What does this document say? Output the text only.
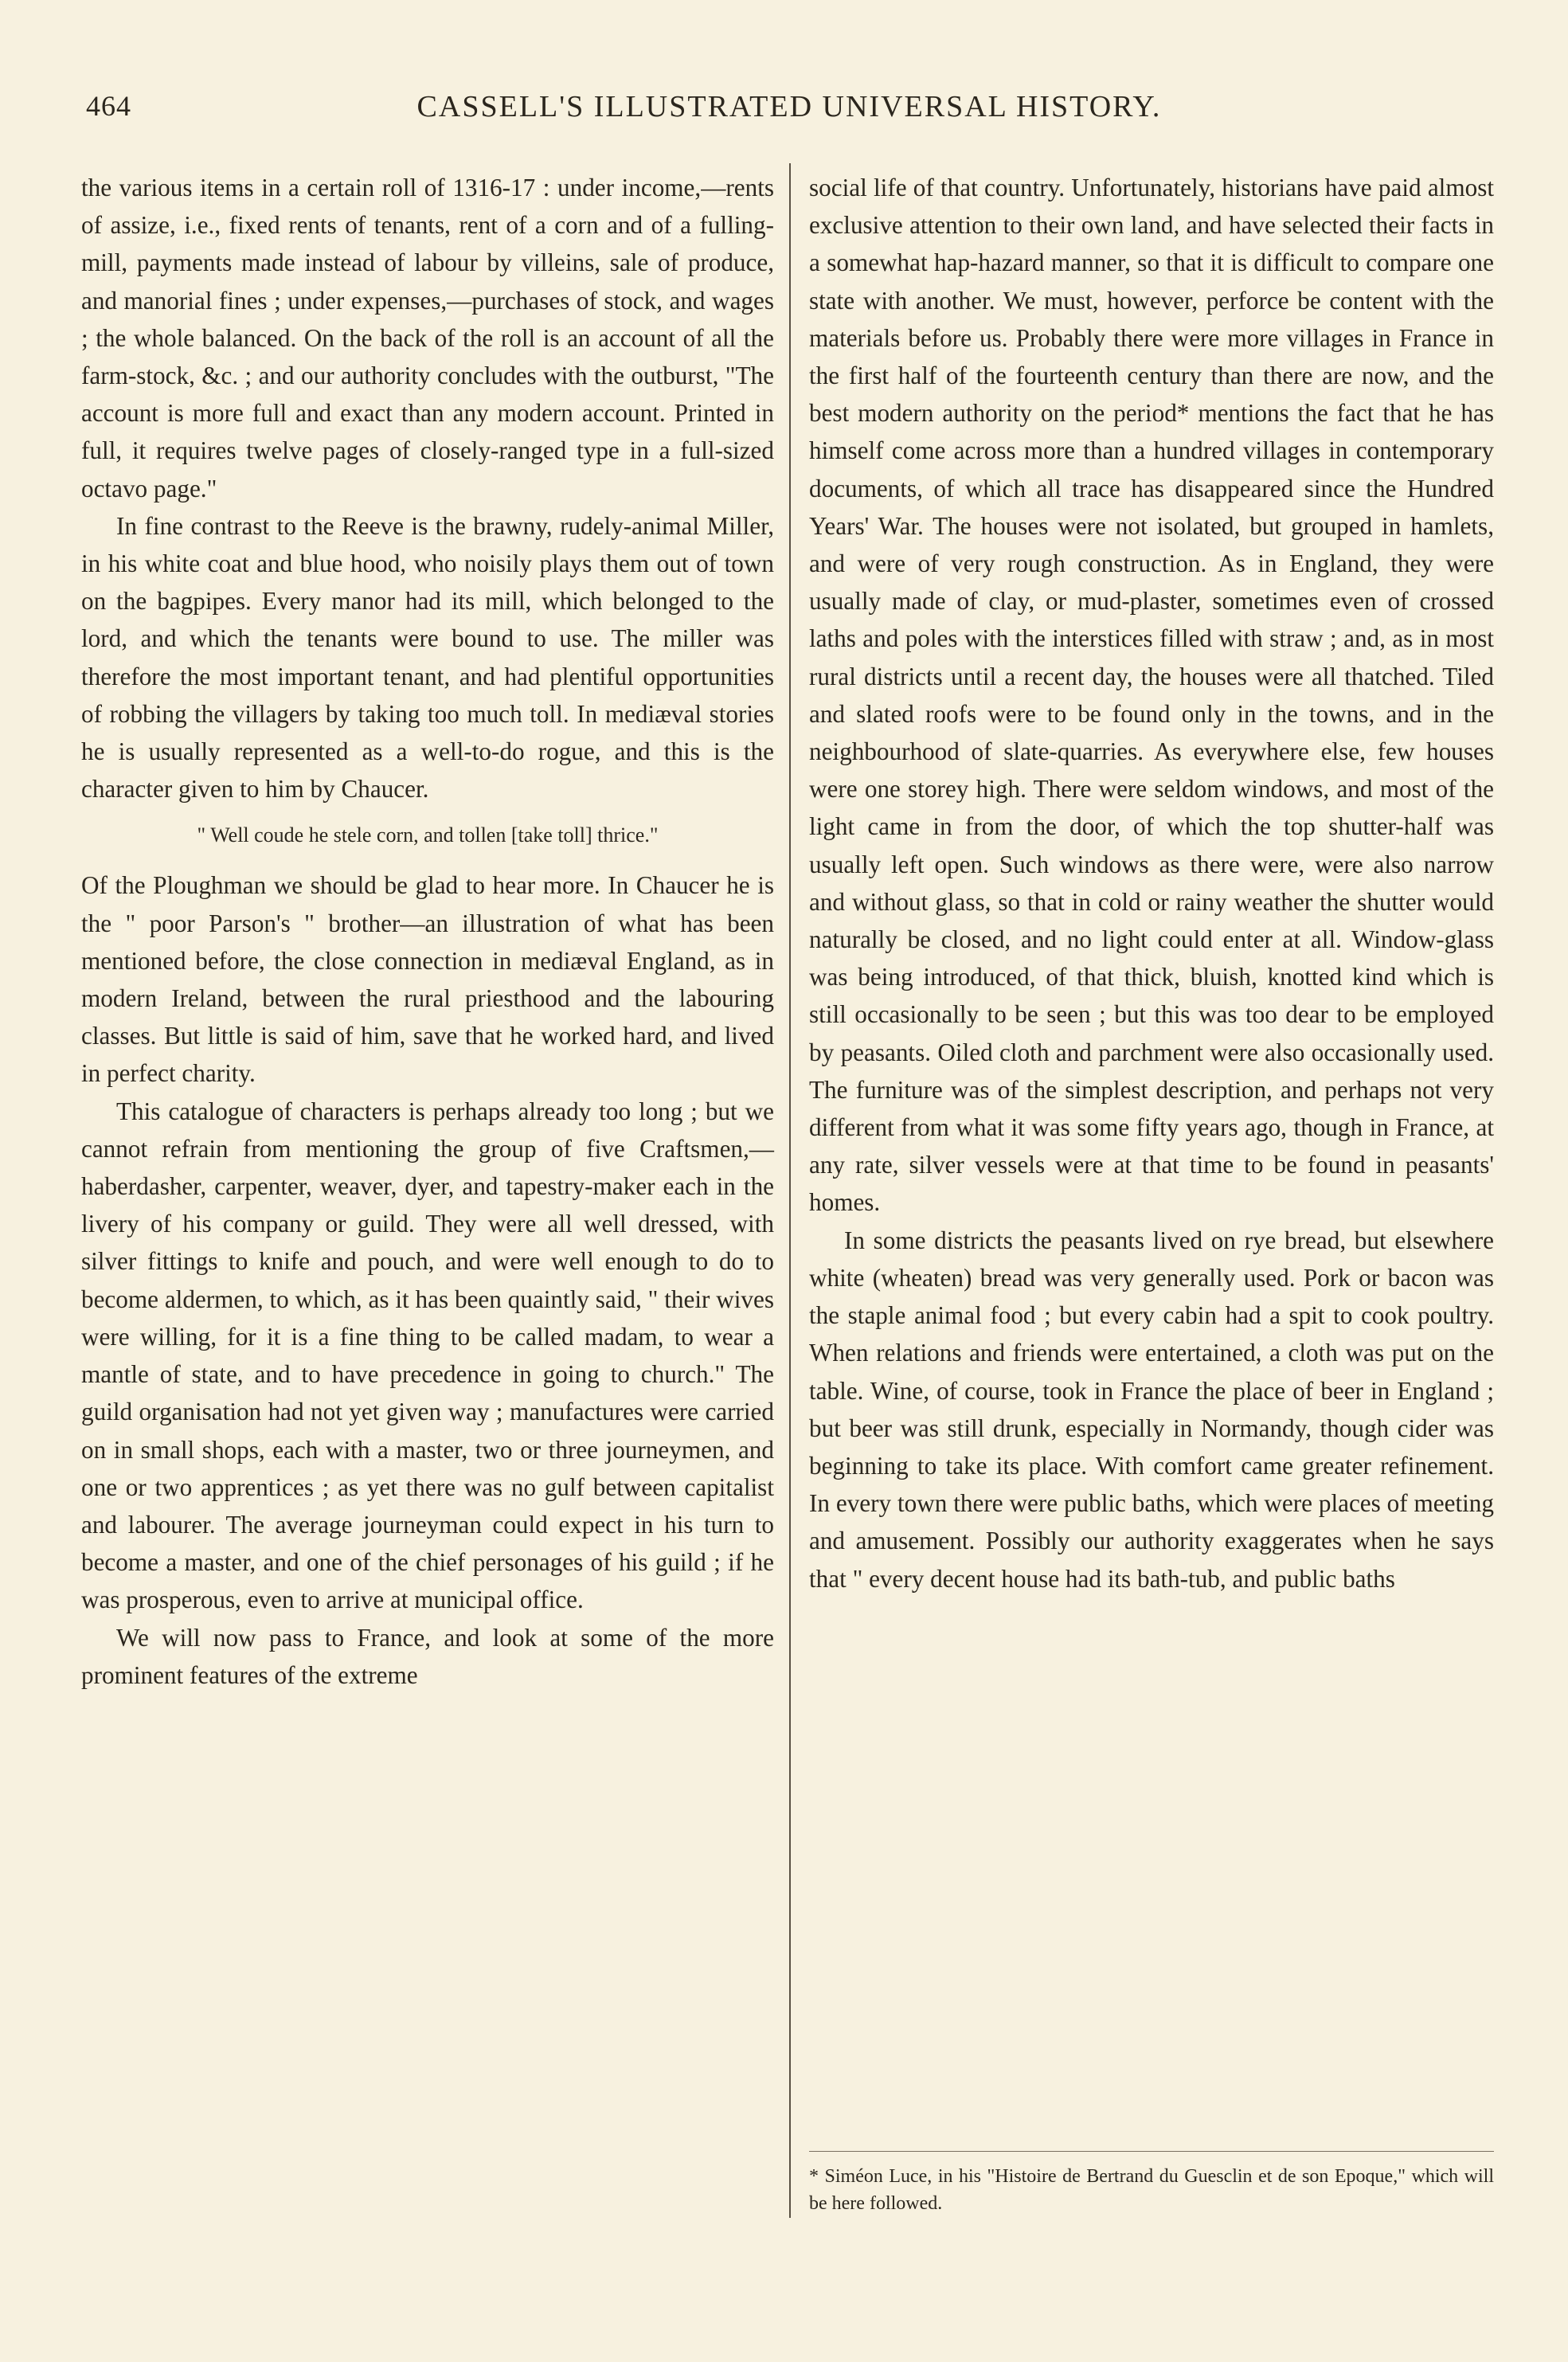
464	CASSELL'S ILLUSTRATED UNIVERSAL HISTORY.

the various items in a certain roll of 1316-17 : under income,—rents of assize, i.e., fixed rents of tenants, rent of a corn and of a fulling-mill, payments made instead of labour by villeins, sale of produce, and manorial fines ; under expenses,—purchases of stock, and wages ; the whole balanced. On the back of the roll is an account of all the farm-stock, &c. ; and our authority concludes with the outburst, "The account is more full and exact than any modern account. Printed in full, it requires twelve pages of closely-ranged type in a full-sized octavo page."

In fine contrast to the Reeve is the brawny, rudely-animal Miller, in his white coat and blue hood, who noisily plays them out of town on the bagpipes. Every manor had its mill, which belonged to the lord, and which the tenants were bound to use. The miller was therefore the most important tenant, and had plentiful opportunities of robbing the villagers by taking too much toll. In mediæval stories he is usually represented as a well-to-do rogue, and this is the character given to him by Chaucer.

" Well coude he stele corn, and tollen [take toll] thrice."

Of the Ploughman we should be glad to hear more. In Chaucer he is the " poor Parson's " brother—an illustration of what has been mentioned before, the close connection in mediæval England, as in modern Ireland, between the rural priesthood and the labouring classes. But little is said of him, save that he worked hard, and lived in perfect charity.

This catalogue of characters is perhaps already too long ; but we cannot refrain from mentioning the group of five Craftsmen,—haberdasher, carpenter, weaver, dyer, and tapestry-maker each in the livery of his company or guild. They were all well dressed, with silver fittings to knife and pouch, and were well enough to do to become aldermen, to which, as it has been quaintly said, " their wives were willing, for it is a fine thing to be called madam, to wear a mantle of state, and to have precedence in going to church." The guild organisation had not yet given way ; manufactures were carried on in small shops, each with a master, two or three journeymen, and one or two apprentices ; as yet there was no gulf between capitalist and labourer. The average journeyman could expect in his turn to become a master, and one of the chief personages of his guild ; if he was prosperous, even to arrive at municipal office.

We will now pass to France, and look at some of the more prominent features of the extreme

social life of that country. Unfortunately, historians have paid almost exclusive attention to their own land, and have selected their facts in a somewhat hap-hazard manner, so that it is difficult to compare one state with another. We must, however, perforce be content with the materials before us. Probably there were more villages in France in the first half of the fourteenth century than there are now, and the best modern authority on the period* mentions the fact that he has himself come across more than a hundred villages in contemporary documents, of which all trace has disappeared since the Hundred Years' War. The houses were not isolated, but grouped in hamlets, and were of very rough construction. As in England, they were usually made of clay, or mud-plaster, sometimes even of crossed laths and poles with the interstices filled with straw ; and, as in most rural districts until a recent day, the houses were all thatched. Tiled and slated roofs were to be found only in the towns, and in the neighbourhood of slate-quarries. As everywhere else, few houses were one storey high. There were seldom windows, and most of the light came in from the door, of which the top shutter-half was usually left open. Such windows as there were, were also narrow and without glass, so that in cold or rainy weather the shutter would naturally be closed, and no light could enter at all. Window-glass was being introduced, of that thick, bluish, knotted kind which is still occasionally to be seen ; but this was too dear to be employed by peasants. Oiled cloth and parchment were also occasionally used. The furniture was of the simplest description, and perhaps not very different from what it was some fifty years ago, though in France, at any rate, silver vessels were at that time to be found in peasants' homes.

In some districts the peasants lived on rye bread, but elsewhere white (wheaten) bread was very generally used. Pork or bacon was the staple animal food ; but every cabin had a spit to cook poultry. When relations and friends were entertained, a cloth was put on the table. Wine, of course, took in France the place of beer in England ; but beer was still drunk, especially in Normandy, though cider was beginning to take its place. With comfort came greater refinement. In every town there were public baths, which were places of meeting and amusement. Possibly our authority exaggerates when he says that " every decent house had its bath-tub, and public baths

* Siméon Luce, in his "Histoire de Bertrand du Guesclin et de son Epoque," which will be here followed.
